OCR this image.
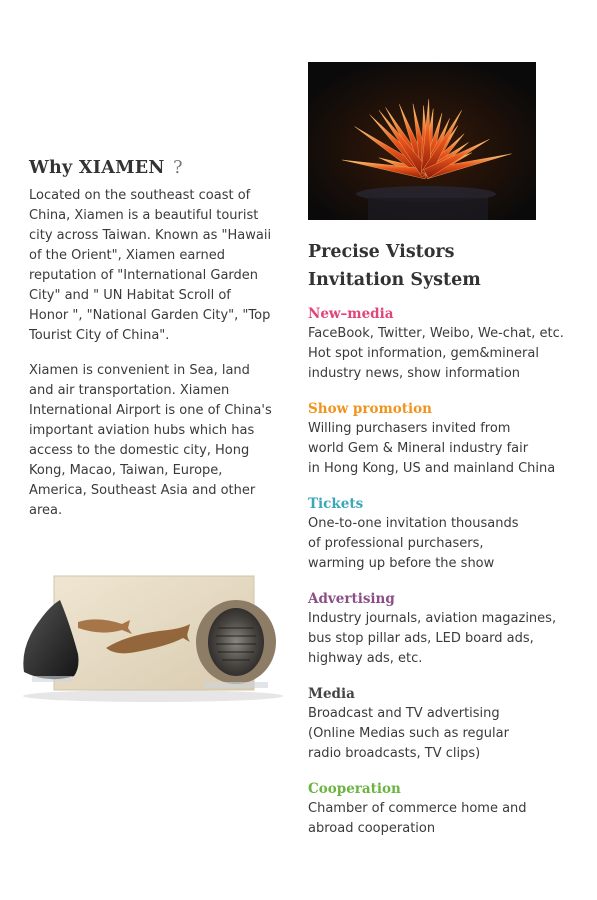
Why XIAMEN ?

Located on the southeast coast of China, Xiamen is a beautiful tourist city across Taiwan. Known as "Hawaii of the Orient", Xiamen earned reputation of "International Garden City" and " UN Habitat Scroll of Honor ", "National Garden City", "Top Tourist City of China".

Xiamen is convenient in Sea, land and air transportation. Xiamen International Airport is one of China's important aviation hubs which has access to the domestic city, Hong Kong, Macao, Taiwan, Europe, America, Southeast Asia and other area.

Precise Vistors
Invitation System
New–media
FaceBook, Twitter, Weibo, We-chat, etc.
Hot spot information, gem&mineral
industry news, show information
Show promotion
Willing purchasers invited from
world Gem & Mineral industry fair
in Hong Kong, US and mainland China
Tickets
One-to-one invitation thousands
of professional purchasers,
warming up before the show
Advertising
Industry journals, aviation magazines,
bus stop pillar ads, LED board ads,
highway ads, etc.
Media
Broadcast and TV advertising
(Online Medias such as regular
radio broadcasts, TV clips)
Cooperation
Chamber of commerce home and
abroad cooperation
